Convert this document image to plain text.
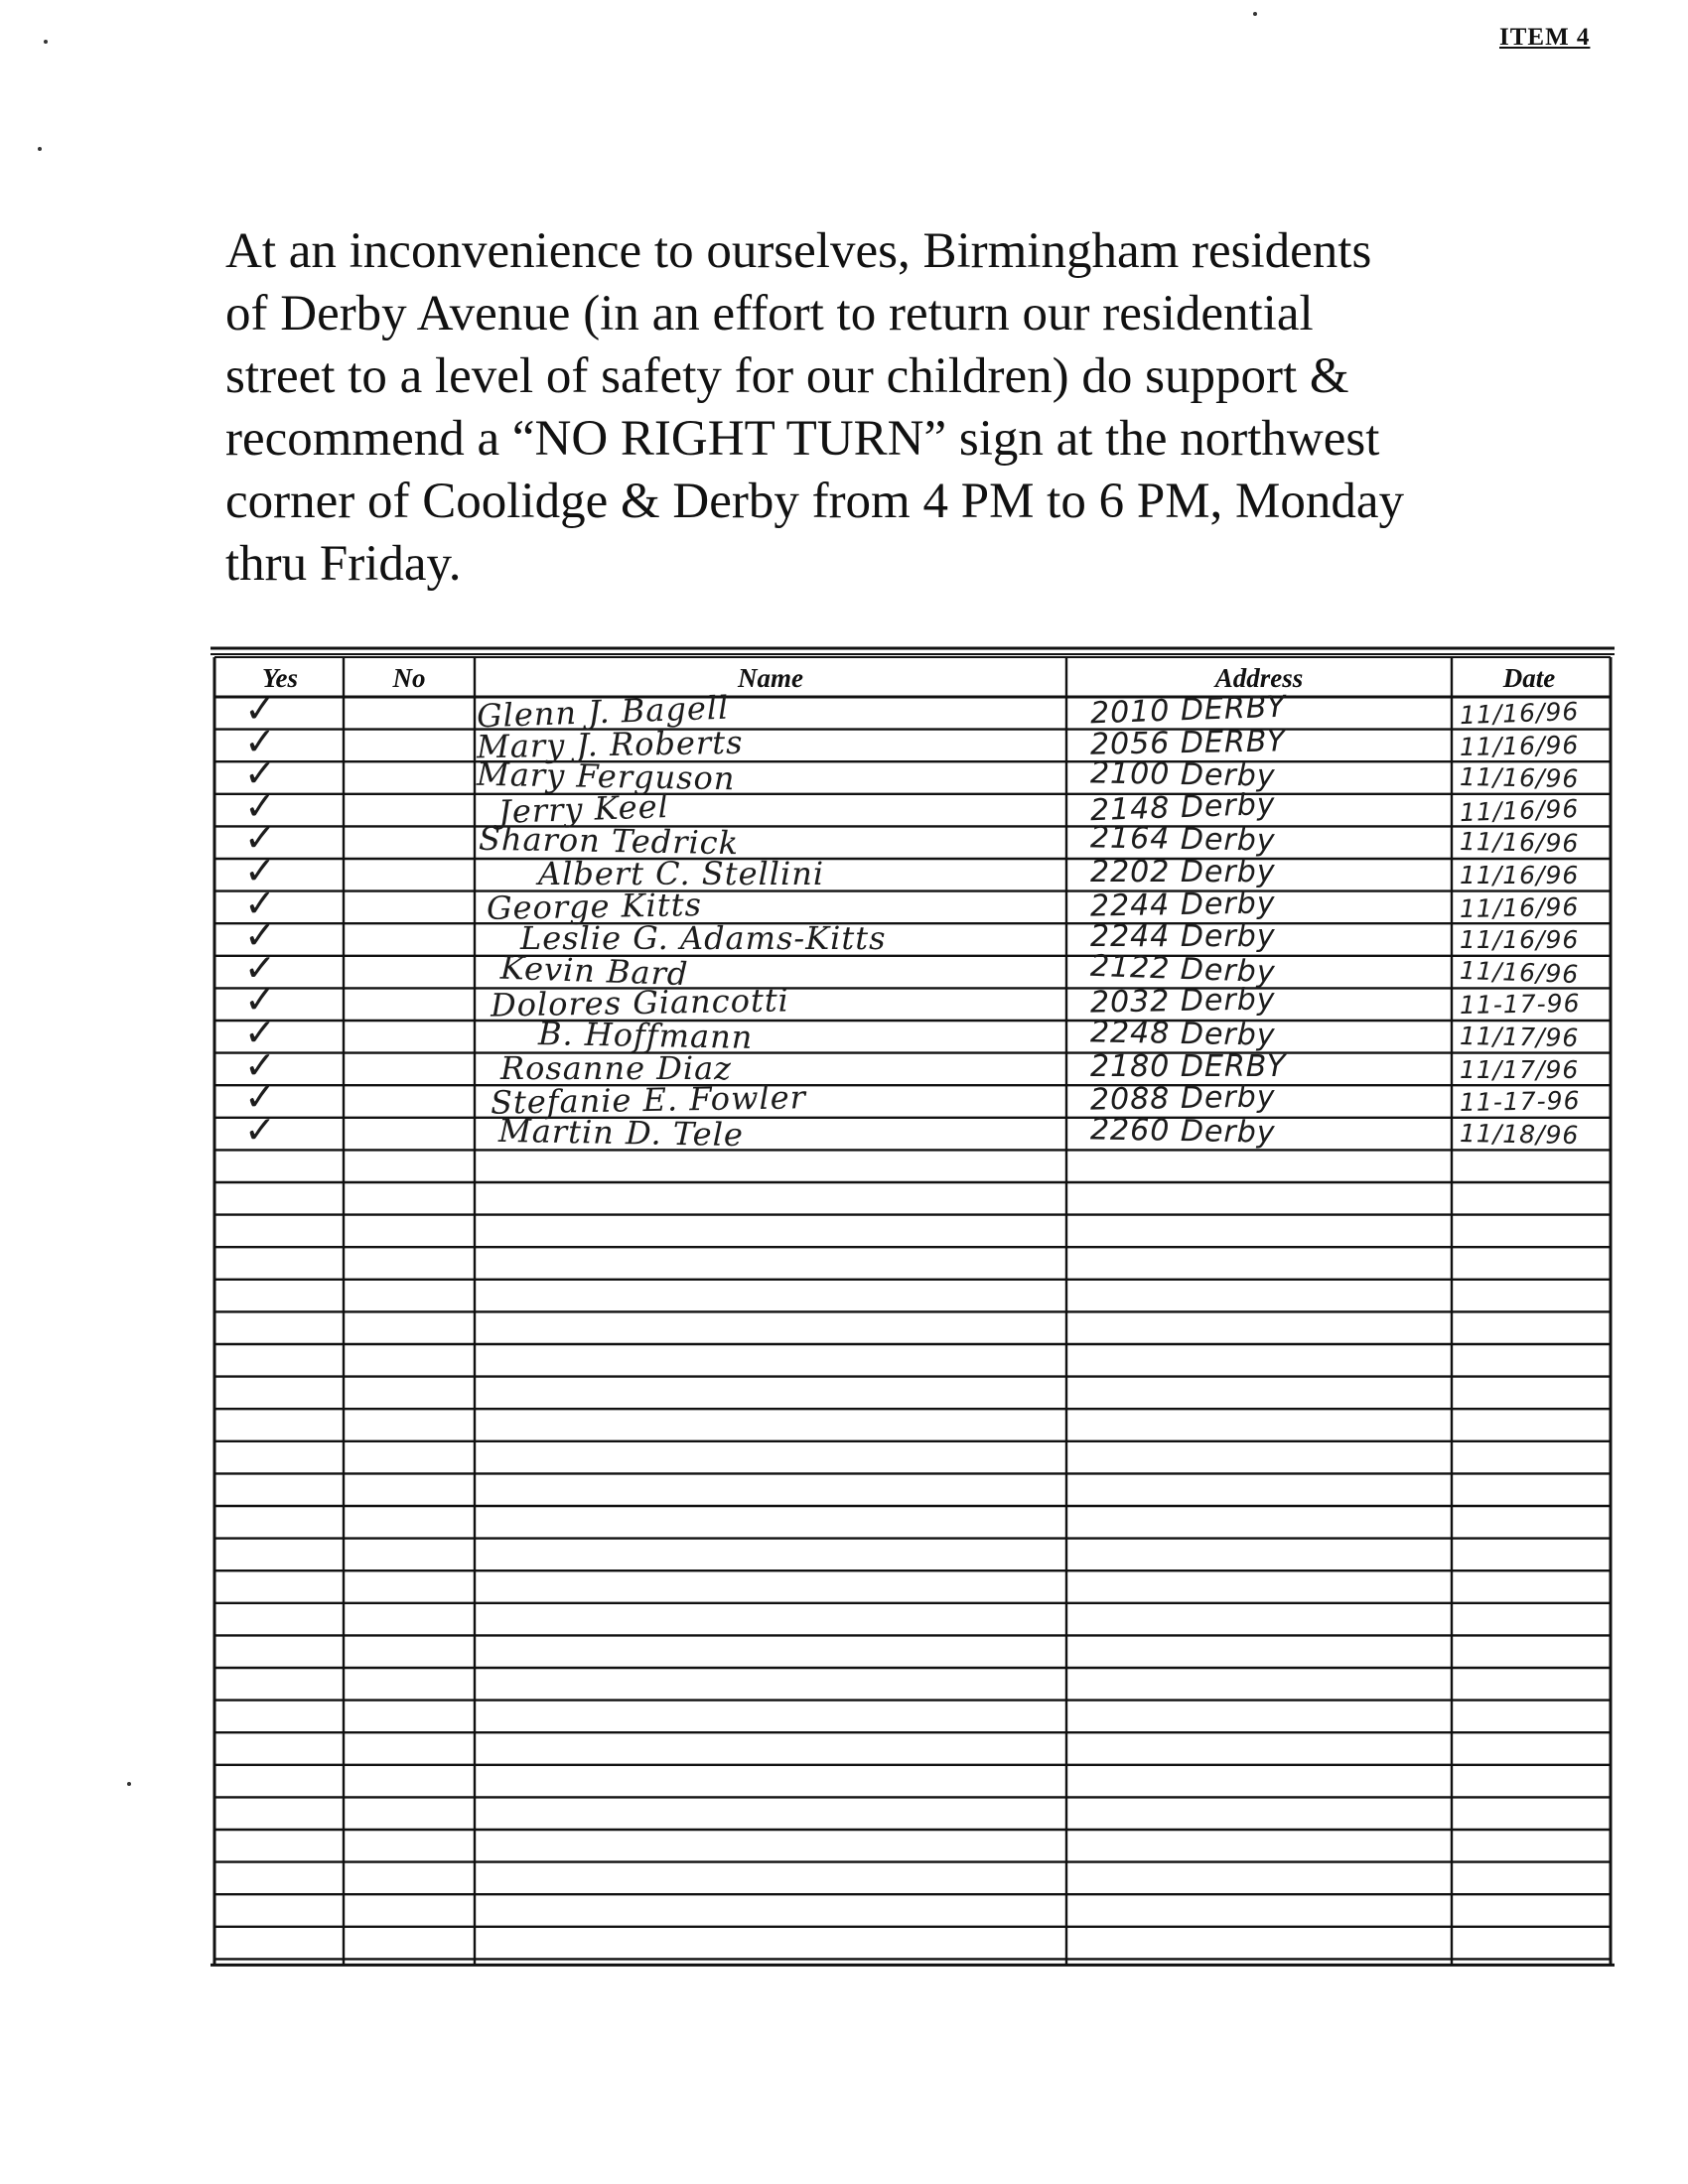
ITEM 4

At an inconvenience to ourselves, Birmingham residents
of Derby Avenue (in an effort to return our residential
street to a level of safety for our children) do support &
recommend a “NO RIGHT TURN” sign at the northwest
corner of Coolidge & Derby from 4 PM to 6 PM, Monday
thru Friday.

Yes	No	Name	Address	Date
✓	Glenn J. Bagell	2010 DERBY	11/16/96
✓	Mary J. Roberts	2056 DERBY	11/16/96
✓	Mary Ferguson	2100 Derby	11/16/96
✓	Jerry Keel	2148 Derby	11/16/96
✓	Sharon Tedrick	2164 Derby	11/16/96
✓	Albert C. Stellini	2202 Derby	11/16/96
✓	George Kitts	2244 Derby	11/16/96
✓	Leslie G. Adams-Kitts	2244 Derby	11/16/96
✓	Kevin Bard	2122 Derby	11/16/96
✓	Dolores Giancotti	2032 Derby	11-17-96
✓	B. Hoffmann	2248 Derby	11/17/96
✓	Rosanne Diaz	2180 DERBY	11/17/96
✓	Stefanie E. Fowler	2088 Derby	11-17-96
✓	Martin D. Tele	2260 Derby	11/18/96
